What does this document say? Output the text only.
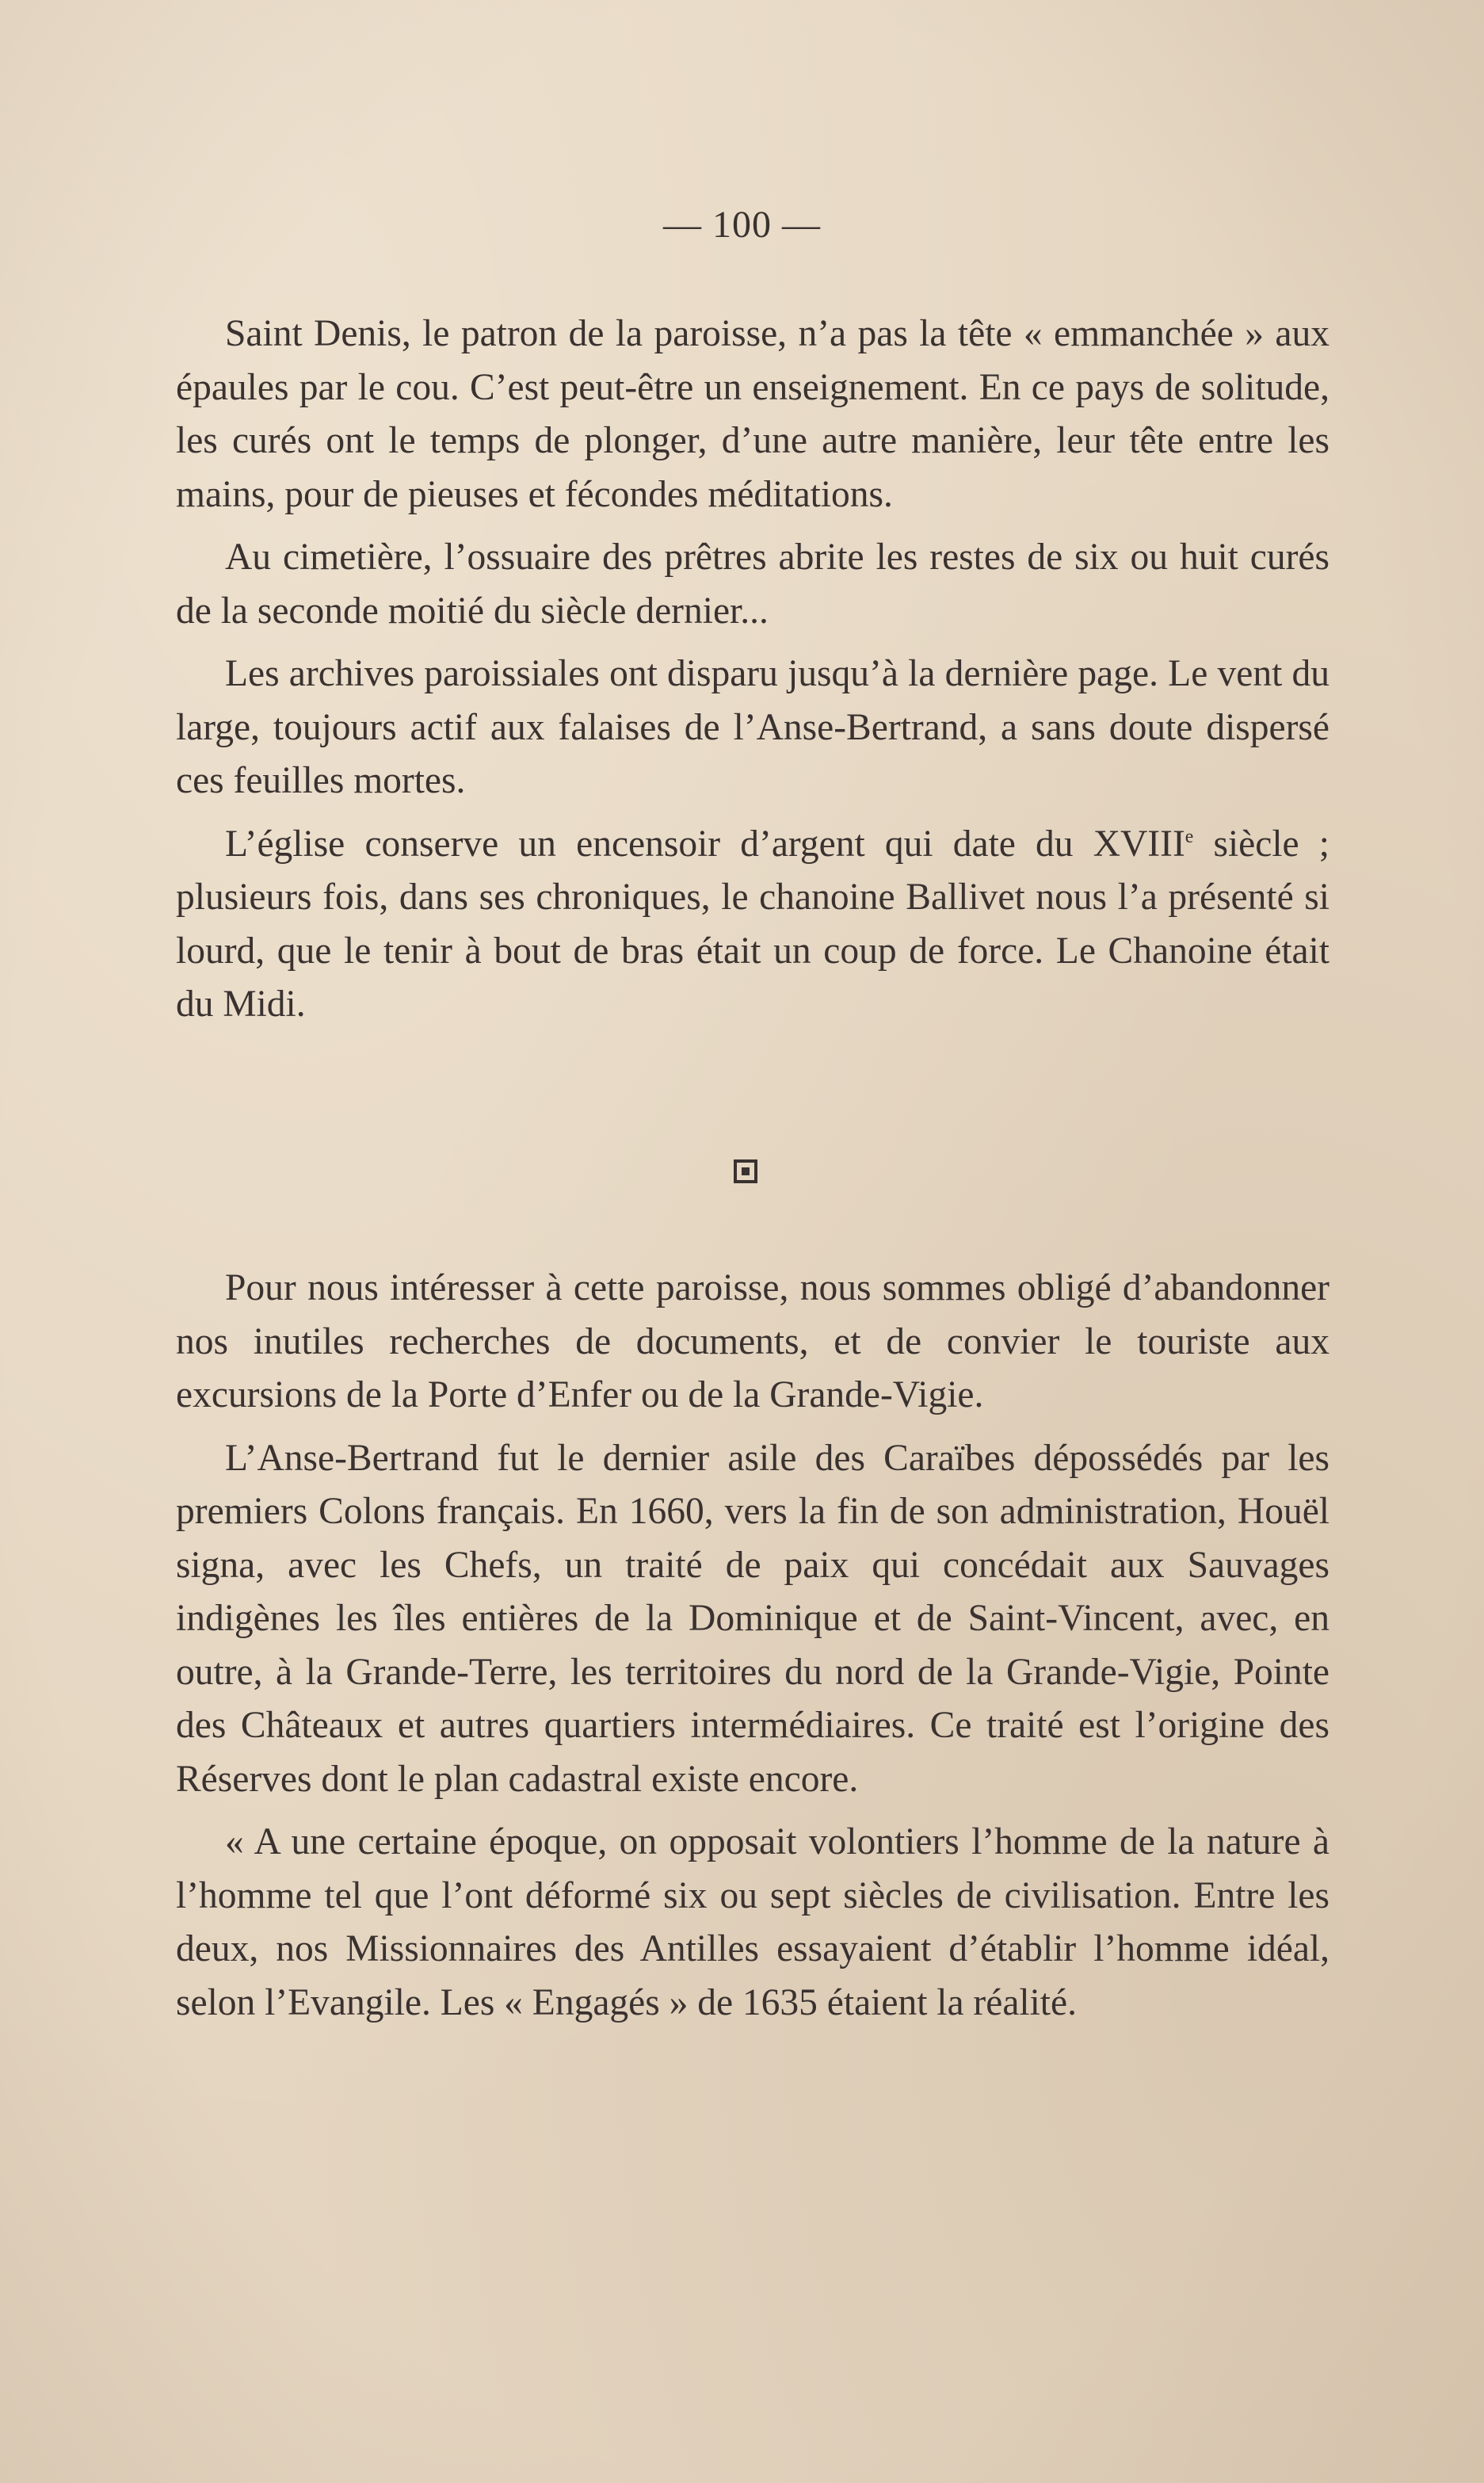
— 100 —

Saint Denis, le patron de la paroisse, n’a pas la tête « emmanchée » aux épaules par le cou. C’est peut-être un enseignement. En ce pays de solitude, les curés ont le temps de plonger, d’une autre manière, leur tête entre les mains, pour de pieuses et fécondes méditations.

Au cimetière, l’ossuaire des prêtres abrite les restes de six ou huit curés de la seconde moitié du siècle dernier...

Les archives paroissiales ont disparu jusqu’à la dernière page. Le vent du large, toujours actif aux falaises de l’Anse-Bertrand, a sans doute dispersé ces feuilles mortes.

L’église conserve un encensoir d’argent qui date du XVIIIe siècle ; plusieurs fois, dans ses chroniques, le chanoine Ballivet nous l’a présenté si lourd, que le tenir à bout de bras était un coup de force. Le Chanoine était du Midi.

Pour nous intéresser à cette paroisse, nous sommes obligé d’abandonner nos inutiles recherches de documents, et de convier le touriste aux excursions de la Porte d’Enfer ou de la Grande-Vigie.

L’Anse-Bertrand fut le dernier asile des Caraïbes dépossédés par les premiers Colons français. En 1660, vers la fin de son administration, Houël signa, avec les Chefs, un traité de paix qui concédait aux Sauvages indigènes les îles entières de la Dominique et de Saint-Vincent, avec, en outre, à la Grande-Terre, les territoires du nord de la Grande-Vigie, Pointe des Châteaux et autres quartiers intermédiaires. Ce traité est l’origine des Réserves dont le plan cadastral existe encore.

« A une certaine époque, on opposait volontiers l’homme de la nature à l’homme tel que l’ont déformé six ou sept siècles de civilisation. Entre les deux, nos Missionnaires des Antilles essayaient d’établir l’homme idéal, selon l’Evangile. Les « Engagés » de 1635 étaient la réalité.
